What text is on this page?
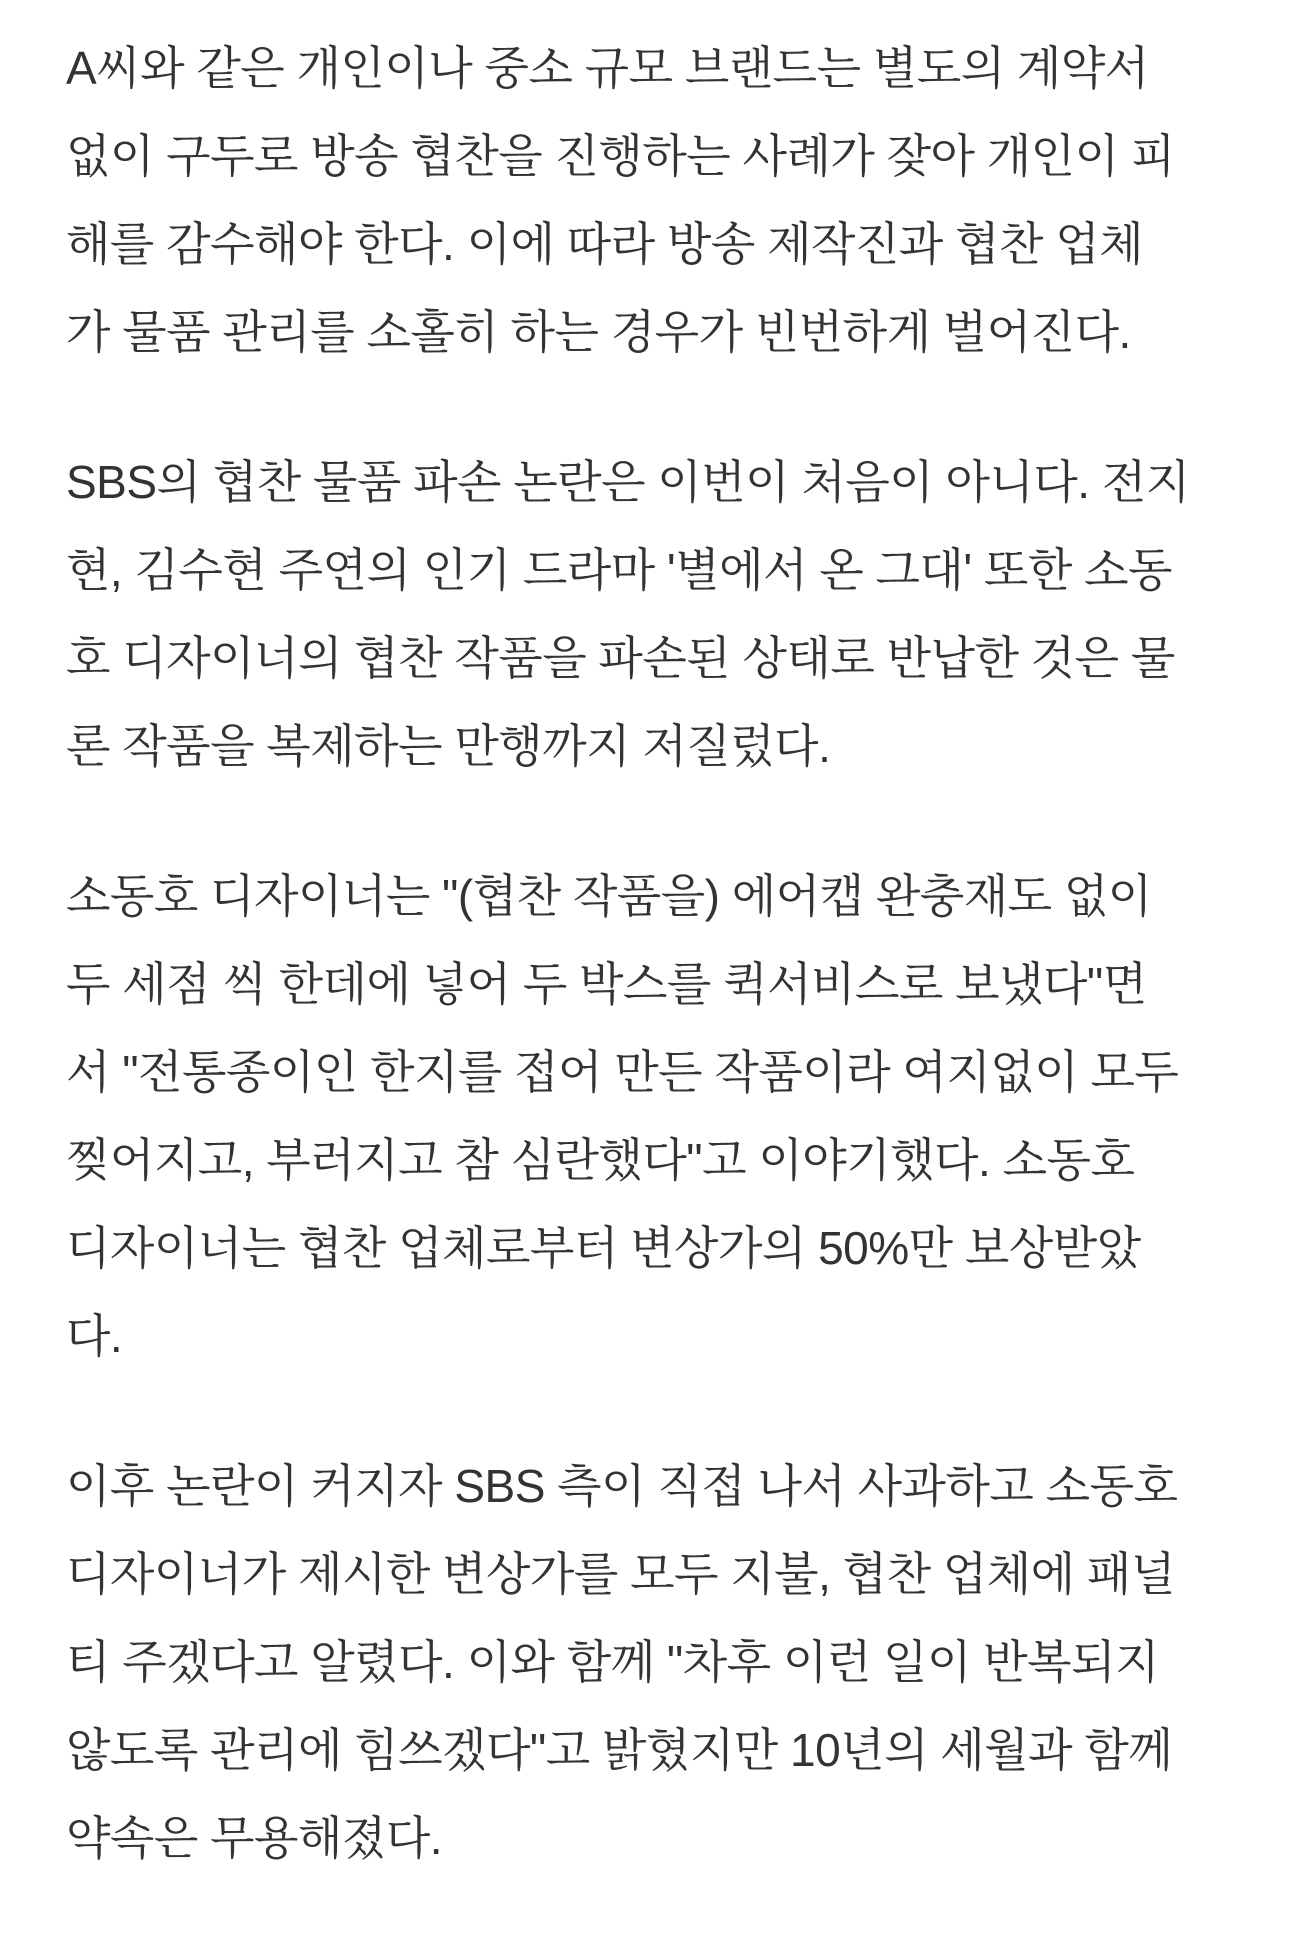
A씨와 같은 개인이나 중소 규모 브랜드는 별도의 계약서
없이 구두로 방송 협찬을 진행하는 사례가 잦아 개인이 피
해를 감수해야 한다. 이에 따라 방송 제작진과 협찬 업체
가 물품 관리를 소홀히 하는 경우가 빈번하게 벌어진다.
SBS의 협찬 물품 파손 논란은 이번이 처음이 아니다. 전지
현, 김수현 주연의 인기 드라마 '별에서 온 그대' 또한 소동
호 디자이너의 협찬 작품을 파손된 상태로 반납한 것은 물
론 작품을 복제하는 만행까지 저질렀다.
소동호 디자이너는 "(협찬 작품을) 에어캡 완충재도 없이
두 세점 씩 한데에 넣어 두 박스를 퀵서비스로 보냈다"면
서 "전통종이인 한지를 접어 만든 작품이라 여지없이 모두
찢어지고, 부러지고 참 심란했다"고 이야기했다. 소동호
디자이너는 협찬 업체로부터 변상가의 50%만 보상받았
다.
이후 논란이 커지자 SBS 측이 직접 나서 사과하고 소동호
디자이너가 제시한 변상가를 모두 지불, 협찬 업체에 패널
티 주겠다고 알렸다. 이와 함께 "차후 이런 일이 반복되지
않도록 관리에 힘쓰겠다"고 밝혔지만 10년의 세월과 함께
약속은 무용해졌다.
